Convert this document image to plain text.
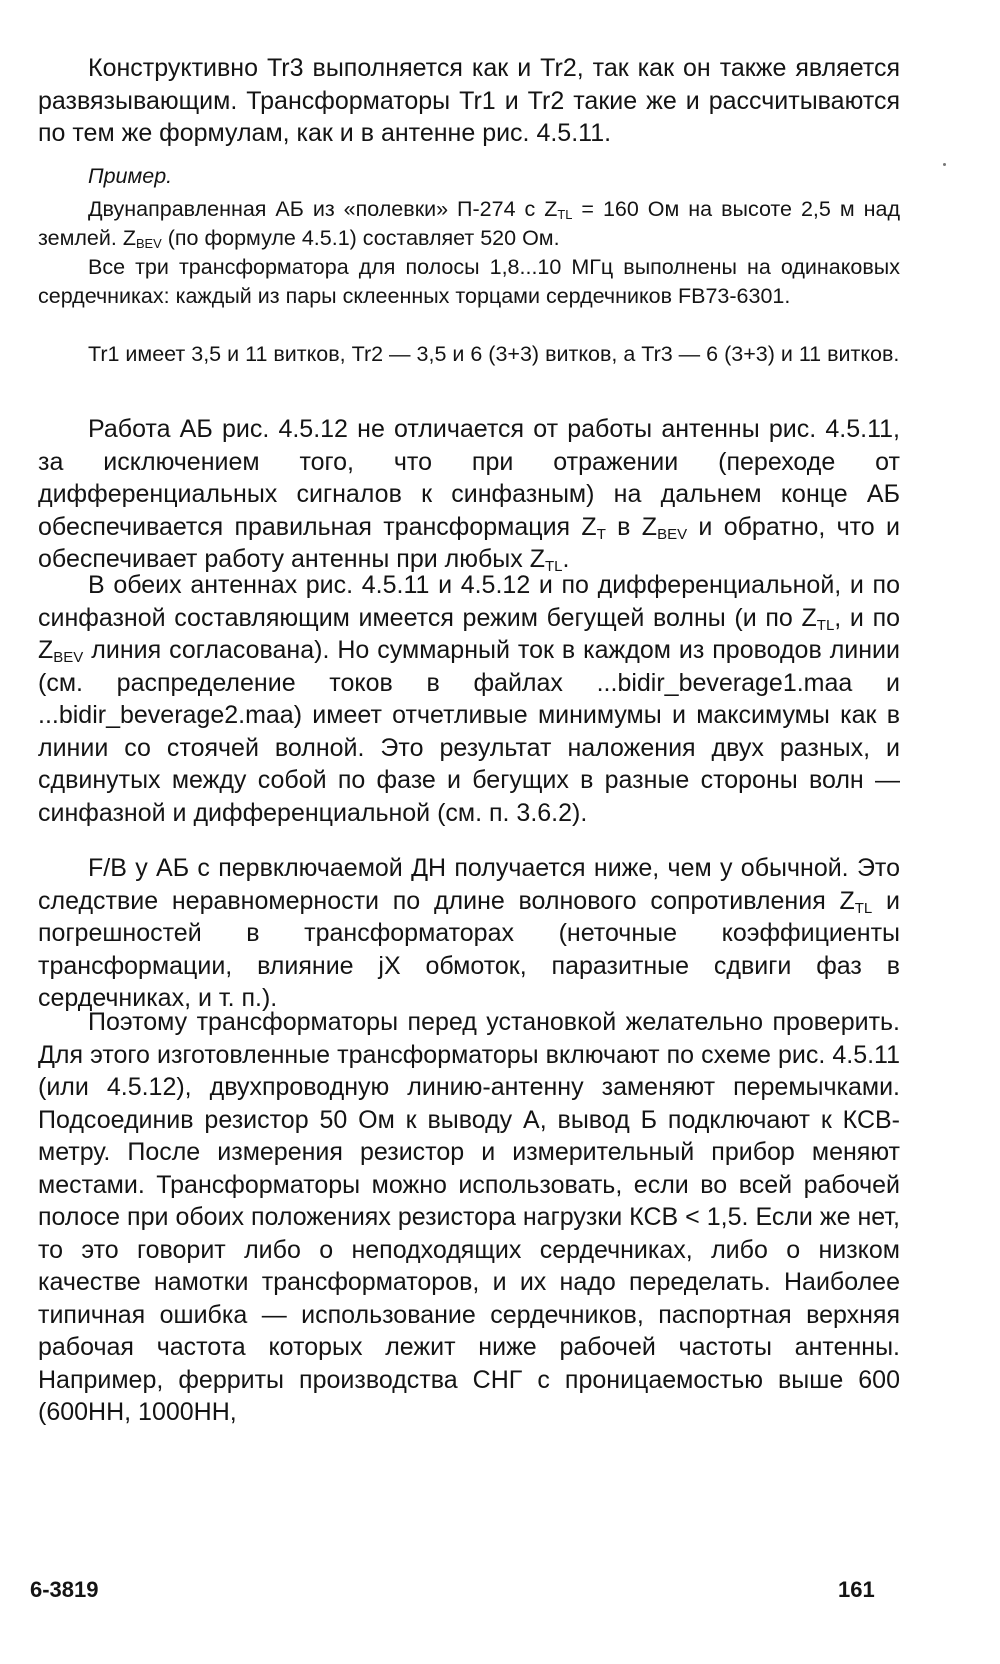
Конструктивно Tr3 выполняется как и Tr2, так как он также является развязывающим. Трансформаторы Tr1 и Tr2 такие же и рассчитываются по тем же формулам, как и в антенне рис. 4.5.11.

Пример.

Двунаправленная АБ из «полевки» П-274 с $Z_{TL} = 160$ Ом на высоте 2,5 м над землей. $Z_{BEV}$ (по формуле 4.5.1) составляет 520 Ом.

Все три трансформатора для полосы 1,8...10 МГц выполнены на одинаковых сердечниках: каждый из пары склеенных торцами сердечников FB73-6301.

Tr1 имеет 3,5 и 11 витков, Tr2 — 3,5 и 6 (3+3) витков, а Tr3 — 6 (3+3) и 11 витков.

Работа АБ рис. 4.5.12 не отличается от работы антенны рис. 4.5.11, за исключением того, что при отражении (переходе от дифференциальных сигналов к синфазным) на дальнем конце АБ обеспечивается правильная трансформация $Z_T$ в $Z_{BEV}$ и обратно, что и обеспечивает работу антенны при любых $Z_{TL}$.

В обеих антеннах рис. 4.5.11 и 4.5.12 и по дифференциальной, и по синфазной составляющим имеется режим бегущей волны (и по $Z_{TL}$, и по $Z_{BEV}$ линия согласована). Но суммарный ток в каждом из проводов линии (см. распределение токов в файлах ...bidir_beverage1.maa и ...bidir_beverage2.maa) имеет отчетливые минимумы и максимумы как в линии со стоячей волной. Это результат наложения двух разных, и сдвинутых между собой по фазе и бегущих в разные стороны волн — синфазной и дифференциальной (см. п. 3.6.2).

F/B у АБ с первключаемой ДН получается ниже, чем у обычной. Это следствие неравномерности по длине волнового сопротивления $Z_{TL}$ и погрешностей в трансформаторах (неточные коэффициенты трансформации, влияние jX обмоток, паразитные сдвиги фаз в сердечниках, и т. п.).

Поэтому трансформаторы перед установкой желательно проверить. Для этого изготовленные трансформаторы включают по схеме рис. 4.5.11 (или 4.5.12), двухпроводную линию-антенну заменяют перемычками. Подсоединив резистор 50 Ом к выводу А, вывод Б подключают к КСВ-метру. После измерения резистор и измерительный прибор меняют местами. Трансформаторы можно использовать, если во всей рабочей полосе при обоих положениях резистора нагрузки КСВ < 1,5. Если же нет, то это говорит либо о неподходящих сердечниках, либо о низком качестве намотки трансформаторов, и их надо переделать. Наиболее типичная ошибка — использование сердечников, паспортная верхняя рабочая частота которых лежит ниже рабочей частоты антенны. Например, ферриты производства СНГ с проницаемостью выше 600 (600НН, 1000НН,

6-3819	161
